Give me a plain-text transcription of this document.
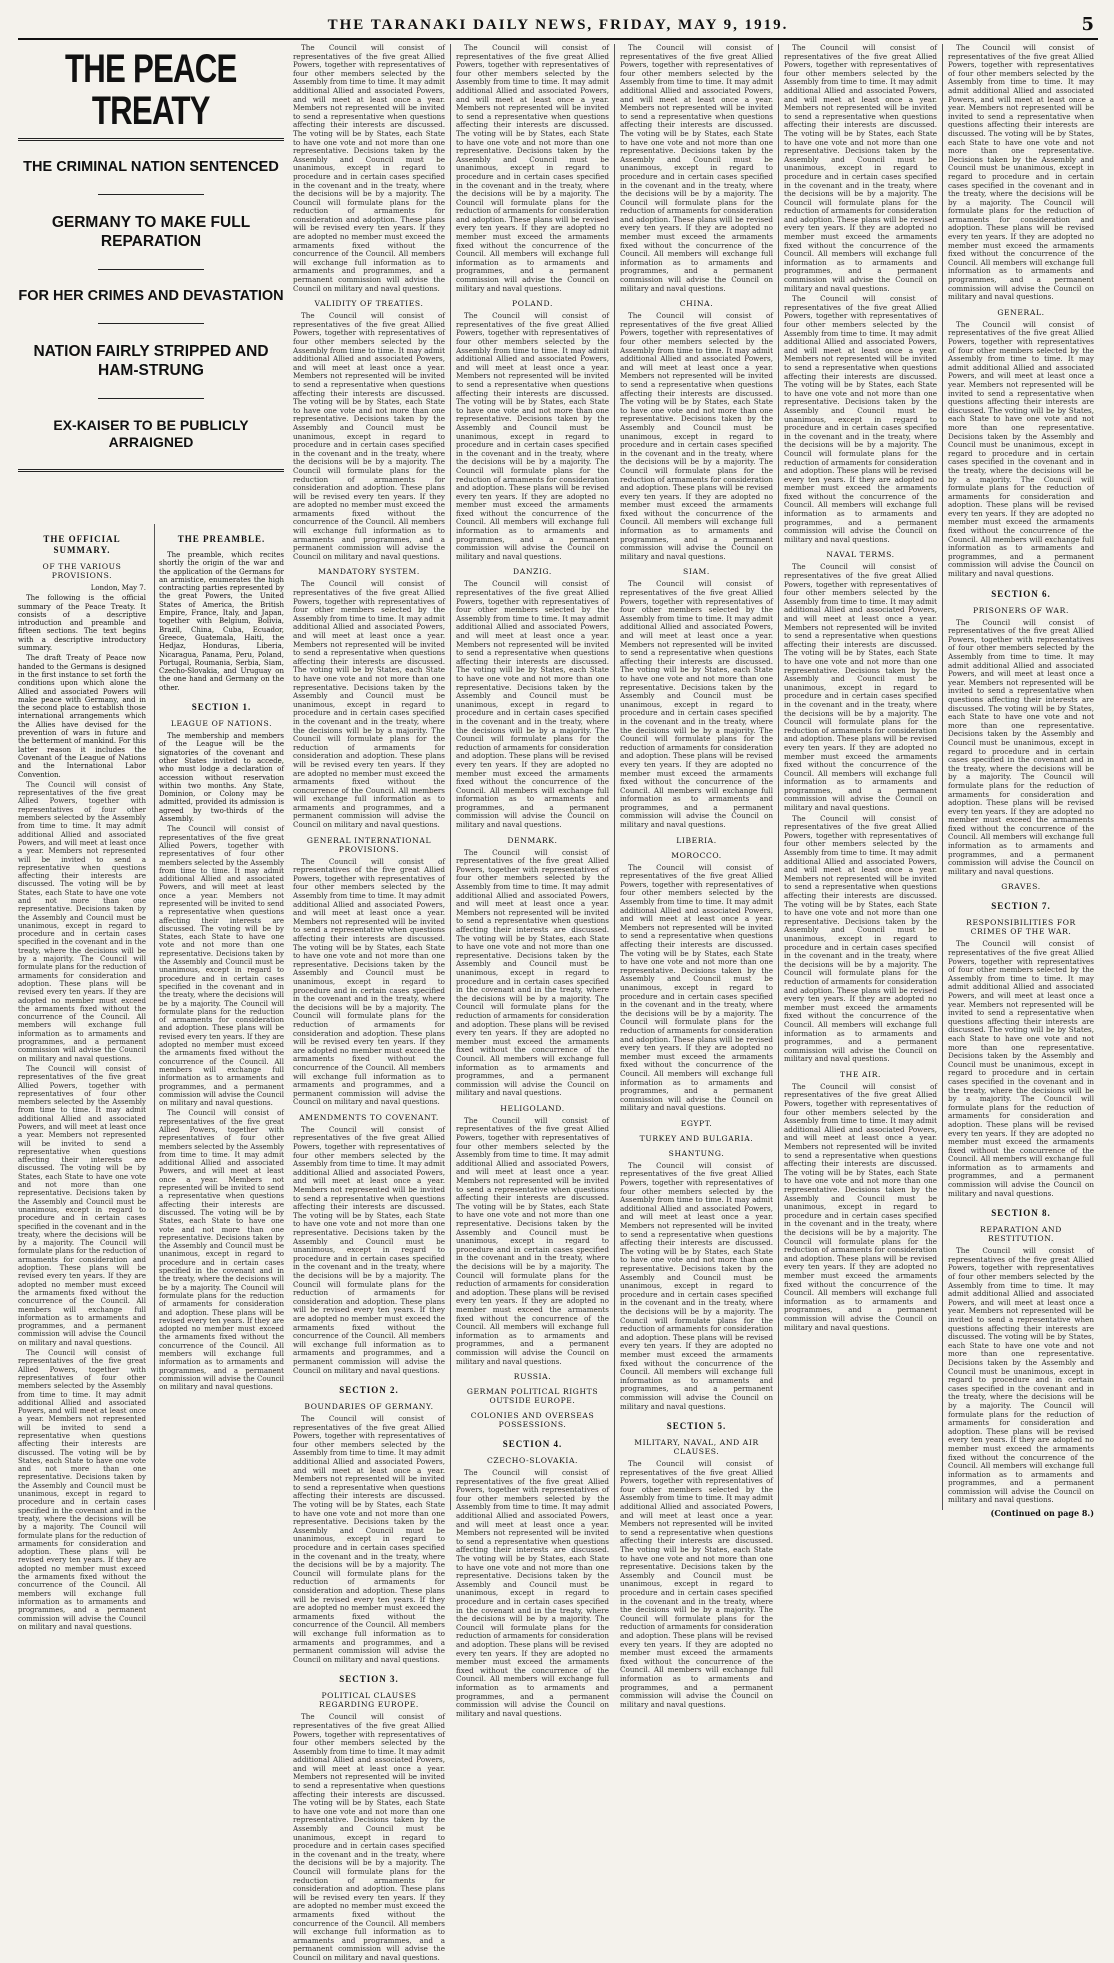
THE TARANAKI DAILY NEWS, FRIDAY, MAY 9, 1919.	5
THE PEACE TREATY
THE CRIMINAL NATION SENTENCED
GERMANY TO MAKE FULL REPARATION
FOR HER CRIMES AND DEVASTATION
NATION FAIRLY STRIPPED AND HAM-STRUNG
EX-KAISER TO BE PUBLICLY ARRAIGNED
THE OFFICIAL SUMMARY.
OF THE VARIOUS PROVISIONS.
London, May 7.

The following is the official summary of the Peace Treaty. It consists of a descriptive introduction and preamble and fifteen sections. The text begins with a descriptive introductory summary.

The draft Treaty of Peace now handed to the Germans is designed in the first instance to set forth the conditions upon which alone the Allied and associated Powers will make peace with Germany, and in the second place to establish those international arrangements which the Allies have devised for the prevention of wars in future and the betterment of mankind. For this latter reason it includes the Covenant of the League of Nations and the International Labor Convention.

The Council will consist of representatives of the five great Allied Powers, together with representatives of four other members selected by the Assembly from time to time. It may admit additional Allied and associated Powers, and will meet at least once a year. Members not represented will be invited to send a representative when questions affecting their interests are discussed. The voting will be by States, each State to have one vote and not more than one representative. Decisions taken by the Assembly and Council must be unanimous, except in regard to procedure and in certain cases specified in the covenant and in the treaty, where the decisions will be by a majority. The Council will formulate plans for the reduction of armaments for consideration and adoption. These plans will be revised every ten years. If they are adopted no member must exceed the armaments fixed without the concurrence of the Council. All members will exchange full information as to armaments and programmes, and a permanent commission will advise the Council on military and naval questions.

The Council will consist of representatives of the five great Allied Powers, together with representatives of four other members selected by the Assembly from time to time. It may admit additional Allied and associated Powers, and will meet at least once a year. Members not represented will be invited to send a representative when questions affecting their interests are discussed. The voting will be by States, each State to have one vote and not more than one representative. Decisions taken by the Assembly and Council must be unanimous, except in regard to procedure and in certain cases specified in the covenant and in the treaty, where the decisions will be by a majority. The Council will formulate plans for the reduction of armaments for consideration and adoption. These plans will be revised every ten years. If they are adopted no member must exceed the armaments fixed without the concurrence of the Council. All members will exchange full information as to armaments and programmes, and a permanent commission will advise the Council on military and naval questions.

The Council will consist of representatives of the five great Allied Powers, together with representatives of four other members selected by the Assembly from time to time. It may admit additional Allied and associated Powers, and will meet at least once a year. Members not represented will be invited to send a representative when questions affecting their interests are discussed. The voting will be by States, each State to have one vote and not more than one representative. Decisions taken by the Assembly and Council must be unanimous, except in regard to procedure and in certain cases specified in the covenant and in the treaty, where the decisions will be by a majority. The Council will formulate plans for the reduction of armaments for consideration and adoption. These plans will be revised every ten years. If they are adopted no member must exceed the armaments fixed without the concurrence of the Council. All members will exchange full information as to armaments and programmes, and a permanent commission will advise the Council on military and naval questions.

THE PREAMBLE.

The preamble, which recites shortly the origin of the war and the application of the Germans for an armistice, enumerates the high contracting parties represented by the great Powers, the United States of America, the British Empire, France, Italy, and Japan, together with Belgium, Bolivia, Brazil, China, Cuba, Ecuador, Greece, Guatemala, Haiti, the Hedjaz, Honduras, Liberia, Nicaragua, Panama, Peru, Poland, Portugal, Roumania, Serbia, Siam, Czecho-Slovakia, and Uruguay on the one hand and Germany on the other.

SECTION 1.
LEAGUE OF NATIONS.

The membership and members of the League will be the signatories of the covenant and other States invited to accede, who must lodge a declaration of accession without reservation within two months. Any State, Dominion, or Colony may be admitted, provided its admission is agreed by two-thirds of the Assembly.

The Council will consist of representatives of the five great Allied Powers, together with representatives of four other members selected by the Assembly from time to time. It may admit additional Allied and associated Powers, and will meet at least once a year. Members not represented will be invited to send a representative when questions affecting their interests are discussed. The voting will be by States, each State to have one vote and not more than one representative. Decisions taken by the Assembly and Council must be unanimous, except in regard to procedure and in certain cases specified in the covenant and in the treaty, where the decisions will be by a majority. The Council will formulate plans for the reduction of armaments for consideration and adoption. These plans will be revised every ten years. If they are adopted no member must exceed the armaments fixed without the concurrence of the Council. All members will exchange full information as to armaments and programmes, and a permanent commission will advise the Council on military and naval questions.

The Council will consist of representatives of the five great Allied Powers, together with representatives of four other members selected by the Assembly from time to time. It may admit additional Allied and associated Powers, and will meet at least once a year. Members not represented will be invited to send a representative when questions affecting their interests are discussed. The voting will be by States, each State to have one vote and not more than one representative. Decisions taken by the Assembly and Council must be unanimous, except in regard to procedure and in certain cases specified in the covenant and in the treaty, where the decisions will be by a majority. The Council will formulate plans for the reduction of armaments for consideration and adoption. These plans will be revised every ten years. If they are adopted no member must exceed the armaments fixed without the concurrence of the Council. All members will exchange full information as to armaments and programmes, and a permanent commission will advise the Council on military and naval questions.

The Council will consist of representatives of the five great Allied Powers, together with representatives of four other members selected by the Assembly from time to time. It may admit additional Allied and associated Powers, and will meet at least once a year. Members not represented will be invited to send a representative when questions affecting their interests are discussed. The voting will be by States, each State to have one vote and not more than one representative. Decisions taken by the Assembly and Council must be unanimous, except in regard to procedure and in certain cases specified in the covenant and in the treaty, where the decisions will be by a majority. The Council will formulate plans for the reduction of armaments for consideration and adoption. These plans will be revised every ten years. If they are adopted no member must exceed the armaments fixed without the concurrence of the Council. All members will exchange full information as to armaments and programmes, and a permanent commission will advise the Council on military and naval questions.

VALIDITY OF TREATIES.

The Council will consist of representatives of the five great Allied Powers, together with representatives of four other members selected by the Assembly from time to time. It may admit additional Allied and associated Powers, and will meet at least once a year. Members not represented will be invited to send a representative when questions affecting their interests are discussed. The voting will be by States, each State to have one vote and not more than one representative. Decisions taken by the Assembly and Council must be unanimous, except in regard to procedure and in certain cases specified in the covenant and in the treaty, where the decisions will be by a majority. The Council will formulate plans for the reduction of armaments for consideration and adoption. These plans will be revised every ten years. If they are adopted no member must exceed the armaments fixed without the concurrence of the Council. All members will exchange full information as to armaments and programmes, and a permanent commission will advise the Council on military and naval questions.

MANDATORY SYSTEM.

The Council will consist of representatives of the five great Allied Powers, together with representatives of four other members selected by the Assembly from time to time. It may admit additional Allied and associated Powers, and will meet at least once a year. Members not represented will be invited to send a representative when questions affecting their interests are discussed. The voting will be by States, each State to have one vote and not more than one representative. Decisions taken by the Assembly and Council must be unanimous, except in regard to procedure and in certain cases specified in the covenant and in the treaty, where the decisions will be by a majority. The Council will formulate plans for the reduction of armaments for consideration and adoption. These plans will be revised every ten years. If they are adopted no member must exceed the armaments fixed without the concurrence of the Council. All members will exchange full information as to armaments and programmes, and a permanent commission will advise the Council on military and naval questions.

GENERAL INTERNATIONAL PROVISIONS.

The Council will consist of representatives of the five great Allied Powers, together with representatives of four other members selected by the Assembly from time to time. It may admit additional Allied and associated Powers, and will meet at least once a year. Members not represented will be invited to send a representative when questions affecting their interests are discussed. The voting will be by States, each State to have one vote and not more than one representative. Decisions taken by the Assembly and Council must be unanimous, except in regard to procedure and in certain cases specified in the covenant and in the treaty, where the decisions will be by a majority. The Council will formulate plans for the reduction of armaments for consideration and adoption. These plans will be revised every ten years. If they are adopted no member must exceed the armaments fixed without the concurrence of the Council. All members will exchange full information as to armaments and programmes, and a permanent commission will advise the Council on military and naval questions.

AMENDMENTS TO COVENANT.

The Council will consist of representatives of the five great Allied Powers, together with representatives of four other members selected by the Assembly from time to time. It may admit additional Allied and associated Powers, and will meet at least once a year. Members not represented will be invited to send a representative when questions affecting their interests are discussed. The voting will be by States, each State to have one vote and not more than one representative. Decisions taken by the Assembly and Council must be unanimous, except in regard to procedure and in certain cases specified in the covenant and in the treaty, where the decisions will be by a majority. The Council will formulate plans for the reduction of armaments for consideration and adoption. These plans will be revised every ten years. If they are adopted no member must exceed the armaments fixed without the concurrence of the Council. All members will exchange full information as to armaments and programmes, and a permanent commission will advise the Council on military and naval questions.

SECTION 2.
BOUNDARIES OF GERMANY.

The Council will consist of representatives of the five great Allied Powers, together with representatives of four other members selected by the Assembly from time to time. It may admit additional Allied and associated Powers, and will meet at least once a year. Members not represented will be invited to send a representative when questions affecting their interests are discussed. The voting will be by States, each State to have one vote and not more than one representative. Decisions taken by the Assembly and Council must be unanimous, except in regard to procedure and in certain cases specified in the covenant and in the treaty, where the decisions will be by a majority. The Council will formulate plans for the reduction of armaments for consideration and adoption. These plans will be revised every ten years. If they are adopted no member must exceed the armaments fixed without the concurrence of the Council. All members will exchange full information as to armaments and programmes, and a permanent commission will advise the Council on military and naval questions.

SECTION 3.
POLITICAL CLAUSES REGARDING EUROPE.

The Council will consist of representatives of the five great Allied Powers, together with representatives of four other members selected by the Assembly from time to time. It may admit additional Allied and associated Powers, and will meet at least once a year. Members not represented will be invited to send a representative when questions affecting their interests are discussed. The voting will be by States, each State to have one vote and not more than one representative. Decisions taken by the Assembly and Council must be unanimous, except in regard to procedure and in certain cases specified in the covenant and in the treaty, where the decisions will be by a majority. The Council will formulate plans for the reduction of armaments for consideration and adoption. These plans will be revised every ten years. If they are adopted no member must exceed the armaments fixed without the concurrence of the Council. All members will exchange full information as to armaments and programmes, and a permanent commission will advise the Council on military and naval questions.

The Council will consist of representatives of the five great Allied Powers, together with representatives of four other members selected by the Assembly from time to time. It may admit additional Allied and associated Powers, and will meet at least once a year. Members not represented will be invited to send a representative when questions affecting their interests are discussed. The voting will be by States, each State to have one vote and not more than one representative. Decisions taken by the Assembly and Council must be unanimous, except in regard to procedure and in certain cases specified in the covenant and in the treaty, where the decisions will be by a majority. The Council will formulate plans for the reduction of armaments for consideration and adoption. These plans will be revised every ten years. If they are adopted no member must exceed the armaments fixed without the concurrence of the Council. All members will exchange full information as to armaments and programmes, and a permanent commission will advise the Council on military and naval questions.

POLAND.

The Council will consist of representatives of the five great Allied Powers, together with representatives of four other members selected by the Assembly from time to time. It may admit additional Allied and associated Powers, and will meet at least once a year. Members not represented will be invited to send a representative when questions affecting their interests are discussed. The voting will be by States, each State to have one vote and not more than one representative. Decisions taken by the Assembly and Council must be unanimous, except in regard to procedure and in certain cases specified in the covenant and in the treaty, where the decisions will be by a majority. The Council will formulate plans for the reduction of armaments for consideration and adoption. These plans will be revised every ten years. If they are adopted no member must exceed the armaments fixed without the concurrence of the Council. All members will exchange full information as to armaments and programmes, and a permanent commission will advise the Council on military and naval questions.

DANZIG.

The Council will consist of representatives of the five great Allied Powers, together with representatives of four other members selected by the Assembly from time to time. It may admit additional Allied and associated Powers, and will meet at least once a year. Members not represented will be invited to send a representative when questions affecting their interests are discussed. The voting will be by States, each State to have one vote and not more than one representative. Decisions taken by the Assembly and Council must be unanimous, except in regard to procedure and in certain cases specified in the covenant and in the treaty, where the decisions will be by a majority. The Council will formulate plans for the reduction of armaments for consideration and adoption. These plans will be revised every ten years. If they are adopted no member must exceed the armaments fixed without the concurrence of the Council. All members will exchange full information as to armaments and programmes, and a permanent commission will advise the Council on military and naval questions.

DENMARK.

The Council will consist of representatives of the five great Allied Powers, together with representatives of four other members selected by the Assembly from time to time. It may admit additional Allied and associated Powers, and will meet at least once a year. Members not represented will be invited to send a representative when questions affecting their interests are discussed. The voting will be by States, each State to have one vote and not more than one representative. Decisions taken by the Assembly and Council must be unanimous, except in regard to procedure and in certain cases specified in the covenant and in the treaty, where the decisions will be by a majority. The Council will formulate plans for the reduction of armaments for consideration and adoption. These plans will be revised every ten years. If they are adopted no member must exceed the armaments fixed without the concurrence of the Council. All members will exchange full information as to armaments and programmes, and a permanent commission will advise the Council on military and naval questions.

HELIGOLAND.

The Council will consist of representatives of the five great Allied Powers, together with representatives of four other members selected by the Assembly from time to time. It may admit additional Allied and associated Powers, and will meet at least once a year. Members not represented will be invited to send a representative when questions affecting their interests are discussed. The voting will be by States, each State to have one vote and not more than one representative. Decisions taken by the Assembly and Council must be unanimous, except in regard to procedure and in certain cases specified in the covenant and in the treaty, where the decisions will be by a majority. The Council will formulate plans for the reduction of armaments for consideration and adoption. These plans will be revised every ten years. If they are adopted no member must exceed the armaments fixed without the concurrence of the Council. All members will exchange full information as to armaments and programmes, and a permanent commission will advise the Council on military and naval questions.

RUSSIA.
GERMAN POLITICAL RIGHTS OUTSIDE EUROPE.
COLONIES AND OVERSEAS POSSESSIONS.
SECTION 4.
CZECHO-SLOVAKIA.

The Council will consist of representatives of the five great Allied Powers, together with representatives of four other members selected by the Assembly from time to time. It may admit additional Allied and associated Powers, and will meet at least once a year. Members not represented will be invited to send a representative when questions affecting their interests are discussed. The voting will be by States, each State to have one vote and not more than one representative. Decisions taken by the Assembly and Council must be unanimous, except in regard to procedure and in certain cases specified in the covenant and in the treaty, where the decisions will be by a majority. The Council will formulate plans for the reduction of armaments for consideration and adoption. These plans will be revised every ten years. If they are adopted no member must exceed the armaments fixed without the concurrence of the Council. All members will exchange full information as to armaments and programmes, and a permanent commission will advise the Council on military and naval questions.

The Council will consist of representatives of the five great Allied Powers, together with representatives of four other members selected by the Assembly from time to time. It may admit additional Allied and associated Powers, and will meet at least once a year. Members not represented will be invited to send a representative when questions affecting their interests are discussed. The voting will be by States, each State to have one vote and not more than one representative. Decisions taken by the Assembly and Council must be unanimous, except in regard to procedure and in certain cases specified in the covenant and in the treaty, where the decisions will be by a majority. The Council will formulate plans for the reduction of armaments for consideration and adoption. These plans will be revised every ten years. If they are adopted no member must exceed the armaments fixed without the concurrence of the Council. All members will exchange full information as to armaments and programmes, and a permanent commission will advise the Council on military and naval questions.

CHINA.

The Council will consist of representatives of the five great Allied Powers, together with representatives of four other members selected by the Assembly from time to time. It may admit additional Allied and associated Powers, and will meet at least once a year. Members not represented will be invited to send a representative when questions affecting their interests are discussed. The voting will be by States, each State to have one vote and not more than one representative. Decisions taken by the Assembly and Council must be unanimous, except in regard to procedure and in certain cases specified in the covenant and in the treaty, where the decisions will be by a majority. The Council will formulate plans for the reduction of armaments for consideration and adoption. These plans will be revised every ten years. If they are adopted no member must exceed the armaments fixed without the concurrence of the Council. All members will exchange full information as to armaments and programmes, and a permanent commission will advise the Council on military and naval questions.

SIAM.

The Council will consist of representatives of the five great Allied Powers, together with representatives of four other members selected by the Assembly from time to time. It may admit additional Allied and associated Powers, and will meet at least once a year. Members not represented will be invited to send a representative when questions affecting their interests are discussed. The voting will be by States, each State to have one vote and not more than one representative. Decisions taken by the Assembly and Council must be unanimous, except in regard to procedure and in certain cases specified in the covenant and in the treaty, where the decisions will be by a majority. The Council will formulate plans for the reduction of armaments for consideration and adoption. These plans will be revised every ten years. If they are adopted no member must exceed the armaments fixed without the concurrence of the Council. All members will exchange full information as to armaments and programmes, and a permanent commission will advise the Council on military and naval questions.

LIBERIA.
MOROCCO.

The Council will consist of representatives of the five great Allied Powers, together with representatives of four other members selected by the Assembly from time to time. It may admit additional Allied and associated Powers, and will meet at least once a year. Members not represented will be invited to send a representative when questions affecting their interests are discussed. The voting will be by States, each State to have one vote and not more than one representative. Decisions taken by the Assembly and Council must be unanimous, except in regard to procedure and in certain cases specified in the covenant and in the treaty, where the decisions will be by a majority. The Council will formulate plans for the reduction of armaments for consideration and adoption. These plans will be revised every ten years. If they are adopted no member must exceed the armaments fixed without the concurrence of the Council. All members will exchange full information as to armaments and programmes, and a permanent commission will advise the Council on military and naval questions.

EGYPT.
TURKEY AND BULGARIA.
SHANTUNG.

The Council will consist of representatives of the five great Allied Powers, together with representatives of four other members selected by the Assembly from time to time. It may admit additional Allied and associated Powers, and will meet at least once a year. Members not represented will be invited to send a representative when questions affecting their interests are discussed. The voting will be by States, each State to have one vote and not more than one representative. Decisions taken by the Assembly and Council must be unanimous, except in regard to procedure and in certain cases specified in the covenant and in the treaty, where the decisions will be by a majority. The Council will formulate plans for the reduction of armaments for consideration and adoption. These plans will be revised every ten years. If they are adopted no member must exceed the armaments fixed without the concurrence of the Council. All members will exchange full information as to armaments and programmes, and a permanent commission will advise the Council on military and naval questions.

SECTION 5.
MILITARY, NAVAL, AND AIR CLAUSES.

The Council will consist of representatives of the five great Allied Powers, together with representatives of four other members selected by the Assembly from time to time. It may admit additional Allied and associated Powers, and will meet at least once a year. Members not represented will be invited to send a representative when questions affecting their interests are discussed. The voting will be by States, each State to have one vote and not more than one representative. Decisions taken by the Assembly and Council must be unanimous, except in regard to procedure and in certain cases specified in the covenant and in the treaty, where the decisions will be by a majority. The Council will formulate plans for the reduction of armaments for consideration and adoption. These plans will be revised every ten years. If they are adopted no member must exceed the armaments fixed without the concurrence of the Council. All members will exchange full information as to armaments and programmes, and a permanent commission will advise the Council on military and naval questions.

The Council will consist of representatives of the five great Allied Powers, together with representatives of four other members selected by the Assembly from time to time. It may admit additional Allied and associated Powers, and will meet at least once a year. Members not represented will be invited to send a representative when questions affecting their interests are discussed. The voting will be by States, each State to have one vote and not more than one representative. Decisions taken by the Assembly and Council must be unanimous, except in regard to procedure and in certain cases specified in the covenant and in the treaty, where the decisions will be by a majority. The Council will formulate plans for the reduction of armaments for consideration and adoption. These plans will be revised every ten years. If they are adopted no member must exceed the armaments fixed without the concurrence of the Council. All members will exchange full information as to armaments and programmes, and a permanent commission will advise the Council on military and naval questions.

The Council will consist of representatives of the five great Allied Powers, together with representatives of four other members selected by the Assembly from time to time. It may admit additional Allied and associated Powers, and will meet at least once a year. Members not represented will be invited to send a representative when questions affecting their interests are discussed. The voting will be by States, each State to have one vote and not more than one representative. Decisions taken by the Assembly and Council must be unanimous, except in regard to procedure and in certain cases specified in the covenant and in the treaty, where the decisions will be by a majority. The Council will formulate plans for the reduction of armaments for consideration and adoption. These plans will be revised every ten years. If they are adopted no member must exceed the armaments fixed without the concurrence of the Council. All members will exchange full information as to armaments and programmes, and a permanent commission will advise the Council on military and naval questions.

NAVAL TERMS.

The Council will consist of representatives of the five great Allied Powers, together with representatives of four other members selected by the Assembly from time to time. It may admit additional Allied and associated Powers, and will meet at least once a year. Members not represented will be invited to send a representative when questions affecting their interests are discussed. The voting will be by States, each State to have one vote and not more than one representative. Decisions taken by the Assembly and Council must be unanimous, except in regard to procedure and in certain cases specified in the covenant and in the treaty, where the decisions will be by a majority. The Council will formulate plans for the reduction of armaments for consideration and adoption. These plans will be revised every ten years. If they are adopted no member must exceed the armaments fixed without the concurrence of the Council. All members will exchange full information as to armaments and programmes, and a permanent commission will advise the Council on military and naval questions.

The Council will consist of representatives of the five great Allied Powers, together with representatives of four other members selected by the Assembly from time to time. It may admit additional Allied and associated Powers, and will meet at least once a year. Members not represented will be invited to send a representative when questions affecting their interests are discussed. The voting will be by States, each State to have one vote and not more than one representative. Decisions taken by the Assembly and Council must be unanimous, except in regard to procedure and in certain cases specified in the covenant and in the treaty, where the decisions will be by a majority. The Council will formulate plans for the reduction of armaments for consideration and adoption. These plans will be revised every ten years. If they are adopted no member must exceed the armaments fixed without the concurrence of the Council. All members will exchange full information as to armaments and programmes, and a permanent commission will advise the Council on military and naval questions.

THE AIR.

The Council will consist of representatives of the five great Allied Powers, together with representatives of four other members selected by the Assembly from time to time. It may admit additional Allied and associated Powers, and will meet at least once a year. Members not represented will be invited to send a representative when questions affecting their interests are discussed. The voting will be by States, each State to have one vote and not more than one representative. Decisions taken by the Assembly and Council must be unanimous, except in regard to procedure and in certain cases specified in the covenant and in the treaty, where the decisions will be by a majority. The Council will formulate plans for the reduction of armaments for consideration and adoption. These plans will be revised every ten years. If they are adopted no member must exceed the armaments fixed without the concurrence of the Council. All members will exchange full information as to armaments and programmes, and a permanent commission will advise the Council on military and naval questions.

The Council will consist of representatives of the five great Allied Powers, together with representatives of four other members selected by the Assembly from time to time. It may admit additional Allied and associated Powers, and will meet at least once a year. Members not represented will be invited to send a representative when questions affecting their interests are discussed. The voting will be by States, each State to have one vote and not more than one representative. Decisions taken by the Assembly and Council must be unanimous, except in regard to procedure and in certain cases specified in the covenant and in the treaty, where the decisions will be by a majority. The Council will formulate plans for the reduction of armaments for consideration and adoption. These plans will be revised every ten years. If they are adopted no member must exceed the armaments fixed without the concurrence of the Council. All members will exchange full information as to armaments and programmes, and a permanent commission will advise the Council on military and naval questions.

GENERAL.

The Council will consist of representatives of the five great Allied Powers, together with representatives of four other members selected by the Assembly from time to time. It may admit additional Allied and associated Powers, and will meet at least once a year. Members not represented will be invited to send a representative when questions affecting their interests are discussed. The voting will be by States, each State to have one vote and not more than one representative. Decisions taken by the Assembly and Council must be unanimous, except in regard to procedure and in certain cases specified in the covenant and in the treaty, where the decisions will be by a majority. The Council will formulate plans for the reduction of armaments for consideration and adoption. These plans will be revised every ten years. If they are adopted no member must exceed the armaments fixed without the concurrence of the Council. All members will exchange full information as to armaments and programmes, and a permanent commission will advise the Council on military and naval questions.

SECTION 6.
PRISONERS OF WAR.

The Council will consist of representatives of the five great Allied Powers, together with representatives of four other members selected by the Assembly from time to time. It may admit additional Allied and associated Powers, and will meet at least once a year. Members not represented will be invited to send a representative when questions affecting their interests are discussed. The voting will be by States, each State to have one vote and not more than one representative. Decisions taken by the Assembly and Council must be unanimous, except in regard to procedure and in certain cases specified in the covenant and in the treaty, where the decisions will be by a majority. The Council will formulate plans for the reduction of armaments for consideration and adoption. These plans will be revised every ten years. If they are adopted no member must exceed the armaments fixed without the concurrence of the Council. All members will exchange full information as to armaments and programmes, and a permanent commission will advise the Council on military and naval questions.

GRAVES.
SECTION 7.
RESPONSIBILITIES FOR CRIMES OF THE WAR.

The Council will consist of representatives of the five great Allied Powers, together with representatives of four other members selected by the Assembly from time to time. It may admit additional Allied and associated Powers, and will meet at least once a year. Members not represented will be invited to send a representative when questions affecting their interests are discussed. The voting will be by States, each State to have one vote and not more than one representative. Decisions taken by the Assembly and Council must be unanimous, except in regard to procedure and in certain cases specified in the covenant and in the treaty, where the decisions will be by a majority. The Council will formulate plans for the reduction of armaments for consideration and adoption. These plans will be revised every ten years. If they are adopted no member must exceed the armaments fixed without the concurrence of the Council. All members will exchange full information as to armaments and programmes, and a permanent commission will advise the Council on military and naval questions.

SECTION 8.
REPARATION AND RESTITUTION.

The Council will consist of representatives of the five great Allied Powers, together with representatives of four other members selected by the Assembly from time to time. It may admit additional Allied and associated Powers, and will meet at least once a year. Members not represented will be invited to send a representative when questions affecting their interests are discussed. The voting will be by States, each State to have one vote and not more than one representative. Decisions taken by the Assembly and Council must be unanimous, except in regard to procedure and in certain cases specified in the covenant and in the treaty, where the decisions will be by a majority. The Council will formulate plans for the reduction of armaments for consideration and adoption. These plans will be revised every ten years. If they are adopted no member must exceed the armaments fixed without the concurrence of the Council. All members will exchange full information as to armaments and programmes, and a permanent commission will advise the Council on military and naval questions.

(Continued on page 8.)
